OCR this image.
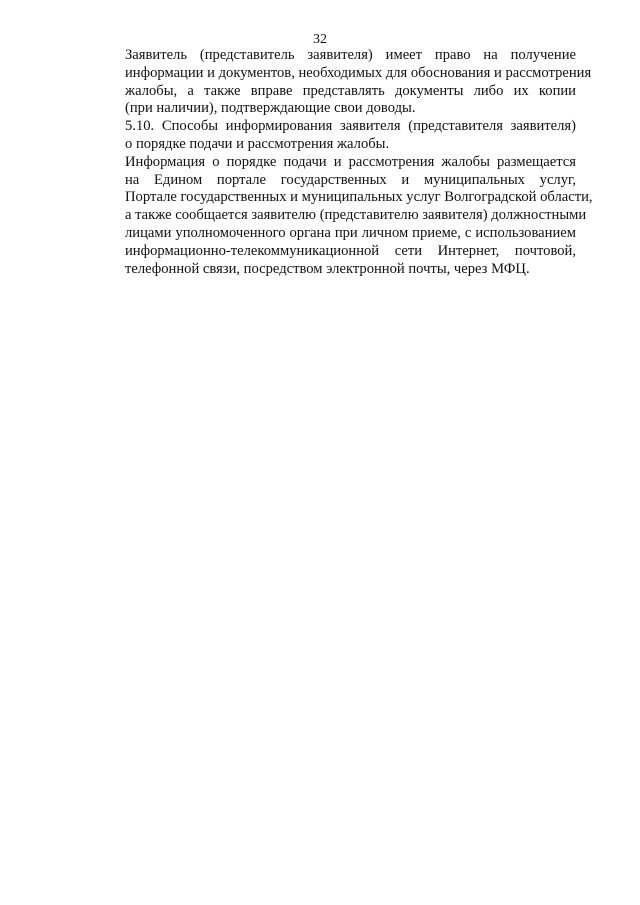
32

Заявитель (представитель заявителя) имеет право на получение
информации и документов, необходимых для обоснования и рассмотрения
жалобы, а также вправе представлять документы либо их копии
(при наличии), подтверждающие свои доводы.

5.10. Способы информирования заявителя (представителя заявителя)
о порядке подачи и рассмотрения жалобы.

Информация о порядке подачи и рассмотрения жалобы размещается
на Едином портале государственных и муниципальных услуг,
Портале государственных и муниципальных услуг Волгоградской области,
а также сообщается заявителю (представителю заявителя) должностными
лицами уполномоченного органа при личном приеме, с использованием
информационно-телекоммуникационной сети Интернет, почтовой,
телефонной связи, посредством электронной почты, через МФЦ.
